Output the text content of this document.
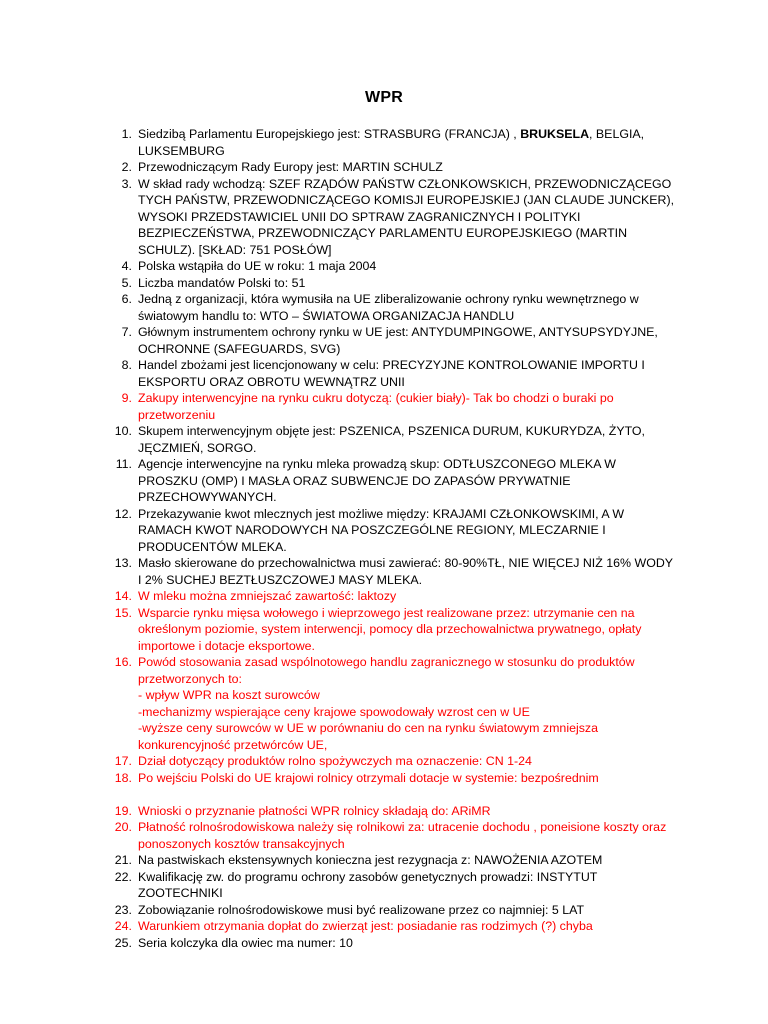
WPR
1. Siedzibą Parlamentu Europejskiego jest: STRASBURG (FRANCJA) , BRUKSELA, BELGIA, LUKSEMBURG
2. Przewodniczącym Rady Europy jest: MARTIN SCHULZ
3. W skład rady wchodzą: SZEF RZĄDÓW PAŃSTW CZŁONKOWSKICH, PRZEWODNICZĄCEGO TYCH PAŃSTW, PRZEWODNICZĄCEGO KOMISJI EUROPEJSKIEJ (JAN CLAUDE JUNCKER), WYSOKI PRZEDSTAWICIEL UNII DO SPTRAW ZAGRANICZNYCH I POLITYKI BEZPIECZEŃSTWA, PRZEWODNICZĄCY PARLAMENTU EUROPEJSKIEGO (MARTIN SCHULZ). [SKŁAD: 751 POSŁÓW]
4. Polska wstąpiła do UE w roku: 1 maja 2004
5. Liczba mandatów Polski to: 51
6. Jedną z organizacji, która wymusiła na UE zliberalizowanie ochrony rynku wewnętrznego w światowym handlu to: WTO – ŚWIATOWA ORGANIZACJA HANDLU
7. Głównym instrumentem ochrony rynku w UE jest: ANTYDUMPINGOWE, ANTYSUPSYDYJNE, OCHRONNE (SAFEGUARDS, SVG)
8. Handel zbożami jest licencjonowany w celu: PRECYZYJNE KONTROLOWANIE IMPORTU I EKSPORTU ORAZ OBROTU WEWNĄTRZ UNII
9. Zakupy interwencyjne na rynku cukru dotyczą: (cukier biały)- Tak bo chodzi o buraki po przetworzeniu
10. Skupem interwencyjnym objęte jest: PSZENICA, PSZENICA DURUM, KUKURYDZA, ŻYTO, JĘCZMIEŃ, SORGO.
11. Agencje interwencyjne na rynku mleka prowadzą skup: ODTŁUSZCONEGO MLEKA W PROSZKU (OMP) I MASŁA ORAZ SUBWENCJE DO ZAPASÓW PRYWATNIE PRZECHOWYWANYCH.
12. Przekazywanie kwot mlecznych jest możliwe między: KRAJAMI CZŁONKOWSKIMI, A W RAMACH KWOT NARODOWYCH NA POSZCZEGÓLNE REGIONY, MLECZARNIE I PRODUCENTÓW MLEKA.
13. Masło skierowane do przechowalnictwa musi zawierać: 80-90%TŁ, NIE WIĘCEJ NIŻ 16% WODY I 2% SUCHEJ BEZTŁUSZCZOWEJ MASY MLEKA.
14. W mleku można zmniejszać zawartość: laktozy
15. Wsparcie rynku mięsa wołowego i wieprzowego jest realizowane przez: utrzymanie cen na określonym poziomie, system interwencji, pomocy dla przechowalnictwa prywatnego, opłaty importowe i dotacje eksportowe.
16. Powód stosowania zasad wspólnotowego handlu zagranicznego w stosunku do produktów przetworzonych to:
- wpływ WPR na koszt surowców
-mechanizmy wspierające ceny krajowe spowodowały wzrost cen w UE
-wyższe ceny surowców w UE w porównaniu do cen na rynku światowym zmniejsza konkurencyjność przetwórców UE,
17. Dział dotyczący produktów rolno spożywczych ma oznaczenie: CN 1-24
18. Po wejściu Polski do UE krajowi rolnicy otrzymali dotacje w systemie: bezpośrednim
19. Wnioski o przyznanie płatności WPR rolnicy składają do: ARiMR
20. Płatność rolnośrodowiskowa należy się rolnikowi za: utracenie dochodu , poneisione koszty oraz ponoszonych kosztów transakcyjnych
21. Na pastwiskach ekstensywnych konieczna jest rezygnacja z: NAWOŻENIA AZOTEM
22. Kwalifikację zw. do programu ochrony zasobów genetycznych prowadzi: INSTYTUT ZOOTECHNIKI
23. Zobowiązanie rolnośrodowiskowe musi być realizowane przez co najmniej: 5 LAT
24. Warunkiem otrzymania dopłat do zwierząt jest: posiadanie ras rodzimych (?) chyba
25. Seria kolczyka dla owiec ma numer: 10
